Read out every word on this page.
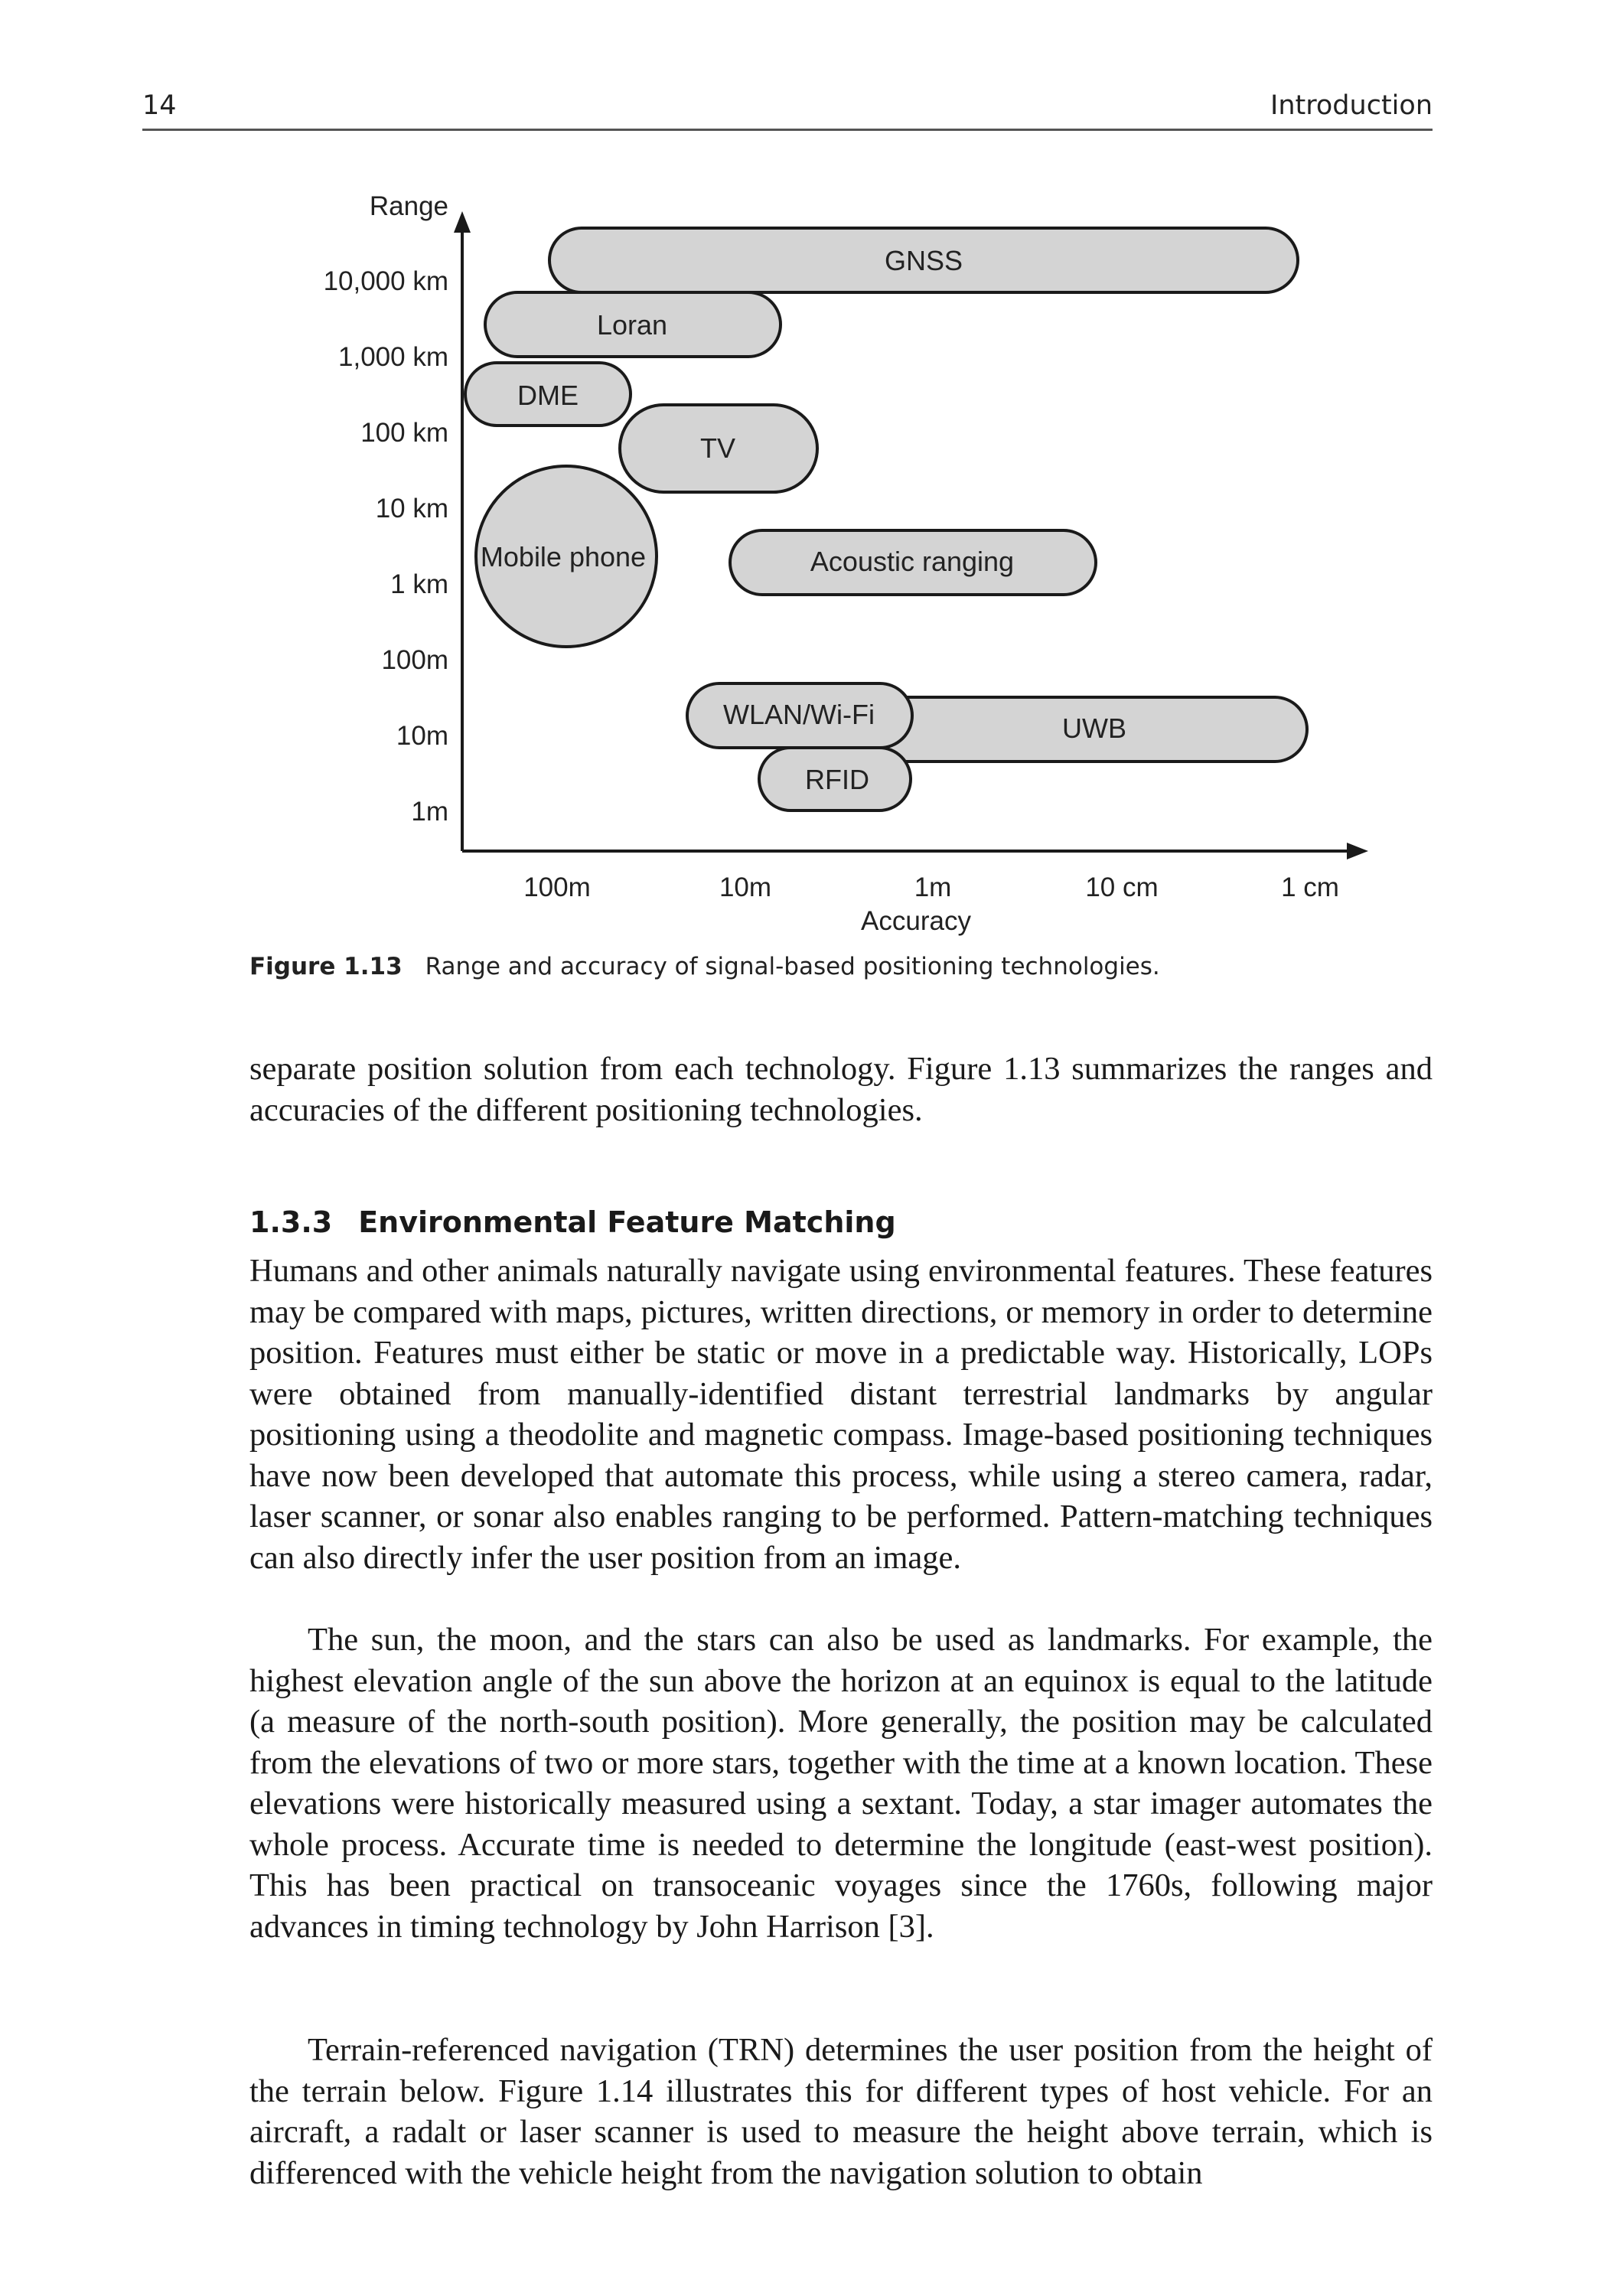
14	Introduction
Range
Accuracy
10,000 km
1,000 km
100 km
10 km
1 km
100m
10m
1m
100m	10m	1m	10 cm	1 cm
GNSS
Loran
DME
TV
Mobile phone	Acoustic ranging
UWB
WLAN/Wi-Fi
RFID
Figure 1.13 Range and accuracy of signal-based positioning technologies.

separate position solution from each technology. Figure 1.13 summarizes the ranges and accuracies of the different positioning technologies.

1.3.3 Environmental Feature Matching

Humans and other animals naturally navigate using environmental features. These features may be compared with maps, pictures, written directions, or memory in order to determine position. Features must either be static or move in a predictable way. Historically, LOPs were obtained from manually-identified distant terrestrial landmarks by angular positioning using a theodolite and magnetic compass. Image-based positioning techniques have now been developed that automate this process, while using a stereo camera, radar, laser scanner, or sonar also enables ranging to be performed. Pattern-matching techniques can also directly infer the user position from an image.

The sun, the moon, and the stars can also be used as landmarks. For example, the highest elevation angle of the sun above the horizon at an equinox is equal to the latitude (a measure of the north-south position). More generally, the position may be calculated from the elevations of two or more stars, together with the time at a known location. These elevations were historically measured using a sextant. Today, a star imager automates the whole process. Accurate time is needed to determine the longitude (east-west position). This has been practical on transoceanic voyages since the 1760s, following major advances in timing technology by John Harrison [3].

Terrain-referenced navigation (TRN) determines the user position from the height of the terrain below. Figure 1.14 illustrates this for different types of host vehicle. For an aircraft, a radalt or laser scanner is used to measure the height above terrain, which is differenced with the vehicle height from the navigation solution to obtain
